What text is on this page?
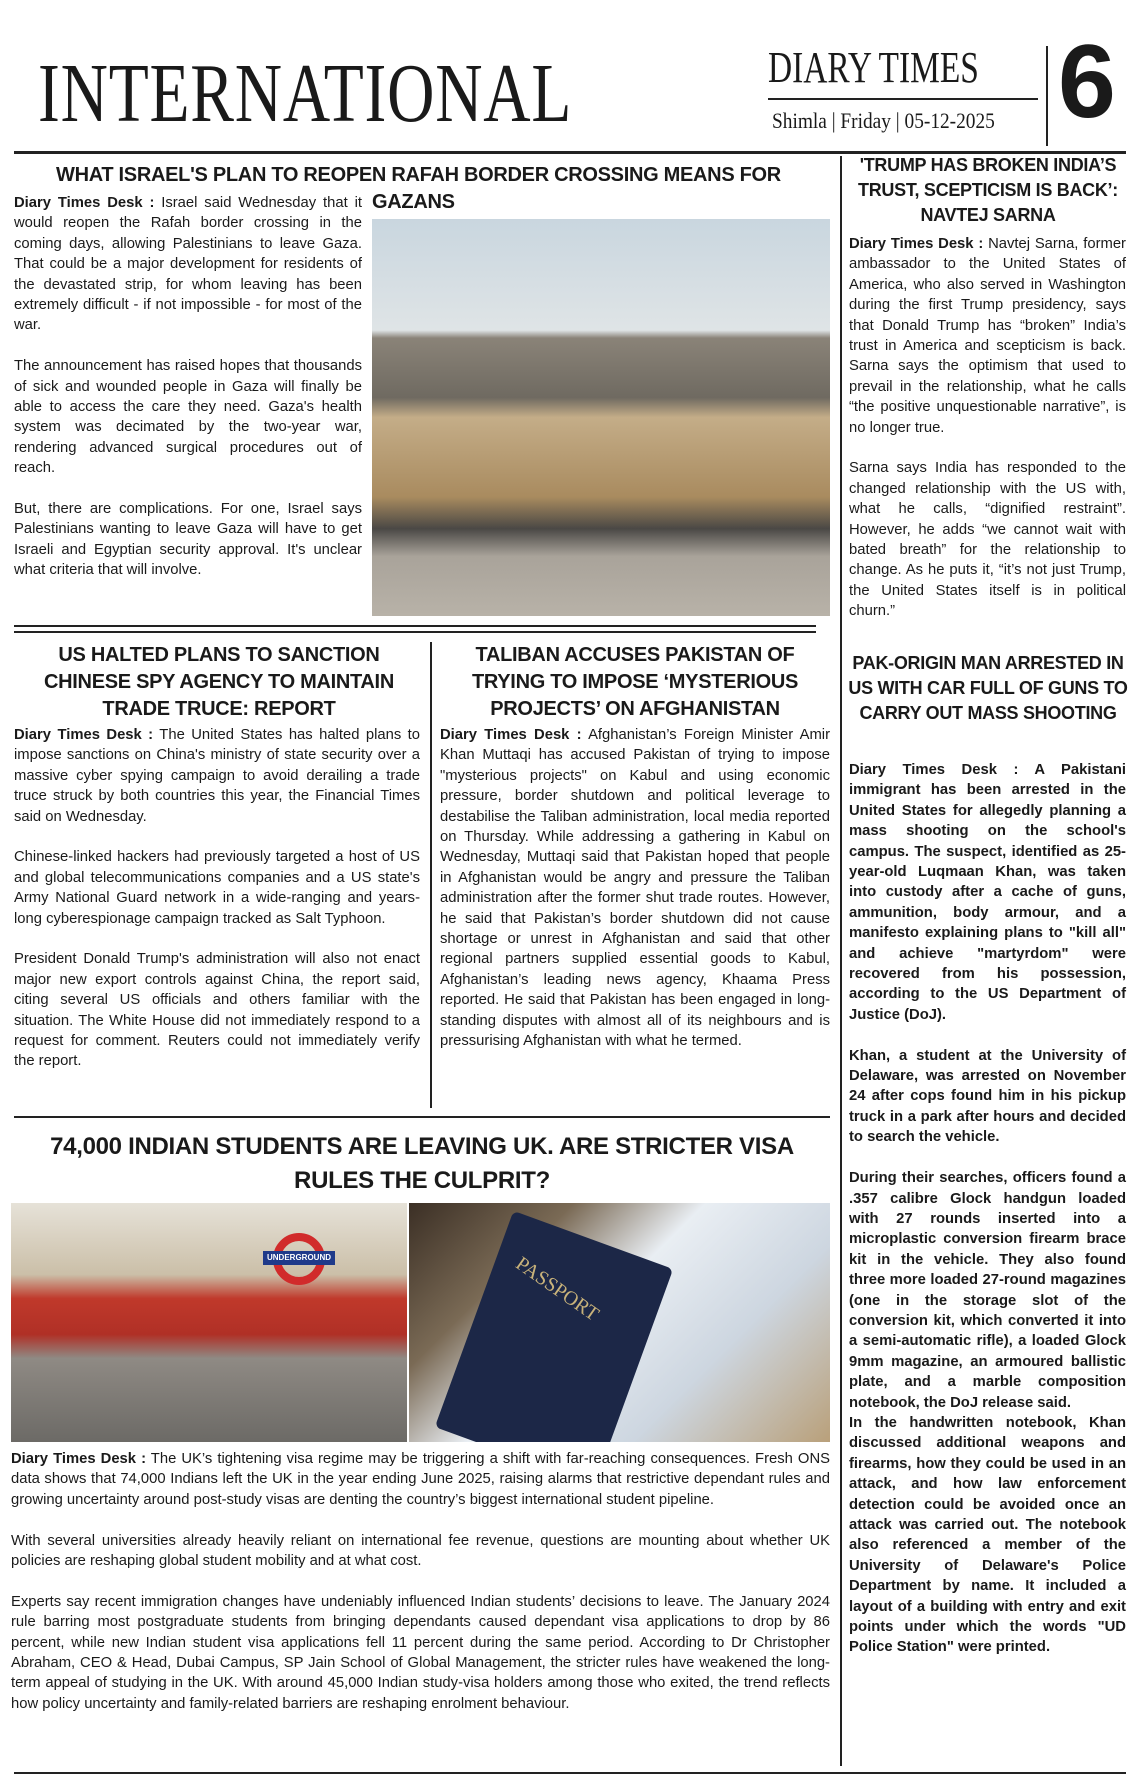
INTERNATIONAL	DIARY TIMES
Shimla | Friday | 05-12-2025 6
WHAT ISRAEL'S PLAN TO REOPEN RAFAH BORDER CROSSING MEANS FOR GAZANS

Diary Times Desk : Israel said Wednesday that it would reopen the Rafah border crossing in the coming days, allowing Palestinians to leave Gaza. That could be a major development for residents of the devastated strip, for whom leaving has been extremely difficult - if not impossible - for most of the war.

The announcement has raised hopes that thousands of sick and wounded people in Gaza will finally be able to access the care they need. Gaza's health system was decimated by the two-year war, rendering advanced surgical procedures out of reach.

But, there are complications. For one, Israel says Palestinians wanting to leave Gaza will have to get Israeli and Egyptian security approval. It's unclear what criteria that will involve.

US HALTED PLANS TO SANCTION CHINESE SPY AGENCY TO MAINTAIN TRADE TRUCE: REPORT

Diary Times Desk : The United States has halted plans to impose sanctions on China's ministry of state security over a massive cyber spying campaign to avoid derailing a trade truce struck by both countries this year, the Financial Times said on Wednesday.

Chinese-linked hackers had previously targeted a host of US and global telecommunications companies and a US state's Army National Guard network in a wide-ranging and years-long cyberespionage campaign tracked as Salt Typhoon.

President Donald Trump's administration will also not enact major new export controls against China, the report said, citing several US officials and others familiar with the situation. The White House did not immediately respond to a request for comment. Reuters could not immediately verify the report.

TALIBAN ACCUSES PAKISTAN OF TRYING TO IMPOSE ‘MYSTERIOUS PROJECTS’ ON AFGHANISTAN

Diary Times Desk : Afghanistan’s Foreign Minister Amir Khan Muttaqi has accused Pakistan of trying to impose "mysterious projects" on Kabul and using economic pressure, border shutdown and political leverage to destabilise the Taliban administration, local media reported on Thursday. While addressing a gathering in Kabul on Wednesday, Muttaqi said that Pakistan hoped that people in Afghanistan would be angry and pressure the Taliban administration after the former shut trade routes. However, he said that Pakistan’s border shutdown did not cause shortage or unrest in Afghanistan and said that other regional partners supplied essential goods to Kabul, Afghanistan’s leading news agency, Khaama Press reported. He said that Pakistan has been engaged in long-standing disputes with almost all of its neighbours and is pressurising Afghanistan with what he termed.

74,000 INDIAN STUDENTS ARE LEAVING UK. ARE STRICTER VISA RULES THE CULPRIT?
UNDERGROUND	PASSPORT

Diary Times Desk : The UK’s tightening visa regime may be triggering a shift with far-reaching consequences. Fresh ONS data shows that 74,000 Indians left the UK in the year ending June 2025, raising alarms that restrictive dependant rules and growing uncertainty around post-study visas are denting the country’s biggest international student pipeline.

With several universities already heavily reliant on international fee revenue, questions are mounting about whether UK policies are reshaping global student mobility and at what cost.

Experts say recent immigration changes have undeniably influenced Indian students’ decisions to leave. The January 2024 rule barring most postgraduate students from bringing dependants caused dependant visa applications to drop by 86 percent, while new Indian student visa applications fell 11 percent during the same period. According to Dr Christopher Abraham, CEO & Head, Dubai Campus, SP Jain School of Global Management, the stricter rules have weakened the long-term appeal of studying in the UK. With around 45,000 Indian study-visa holders among those who exited, the trend reflects how policy uncertainty and family-related barriers are reshaping enrolment behaviour.

'TRUMP HAS BROKEN INDIA’S TRUST, SCEPTICISM IS BACK’: NAVTEJ SARNA

Diary Times Desk : Navtej Sarna, former ambassador to the United States of America, who also served in Washington during the first Trump presidency, says that Donald Trump has “broken” India’s trust in America and scepticism is back. Sarna says the optimism that used to prevail in the relationship, what he calls “the positive unquestionable narrative”, is no longer true.

Sarna says India has responded to the changed relationship with the US with, what he calls, “dignified restraint”. However, he adds “we cannot wait with bated breath” for the relationship to change. As he puts it, “it’s not just Trump, the United States itself is in political churn.”

PAK-ORIGIN MAN ARRESTED IN US WITH CAR FULL OF GUNS TO CARRY OUT MASS SHOOTING

Diary Times Desk : A Pakistani immigrant has been arrested in the United States for allegedly planning a mass shooting on the school's campus. The suspect, identified as 25-year-old Luqmaan Khan, was taken into custody after a cache of guns, ammunition, body armour, and a manifesto explaining plans to "kill all" and achieve "martyrdom" were recovered from his possession, according to the US Department of Justice (DoJ).

Khan, a student at the University of Delaware, was arrested on November 24 after cops found him in his pickup truck in a park after hours and decided to search the vehicle.

During their searches, officers found a .357 calibre Glock handgun loaded with 27 rounds inserted into a microplastic conversion firearm brace kit in the vehicle. They also found three more loaded 27-round magazines (one in the storage slot of the conversion kit, which converted it into a semi-automatic rifle), a loaded Glock 9mm magazine, an armoured ballistic plate, and a marble composition notebook, the DoJ release said.

In the handwritten notebook, Khan discussed additional weapons and firearms, how they could be used in an attack, and how law enforcement detection could be avoided once an attack was carried out. The notebook also referenced a member of the University of Delaware's Police Department by name. It included a layout of a building with entry and exit points under which the words "UD Police Station" were printed.
